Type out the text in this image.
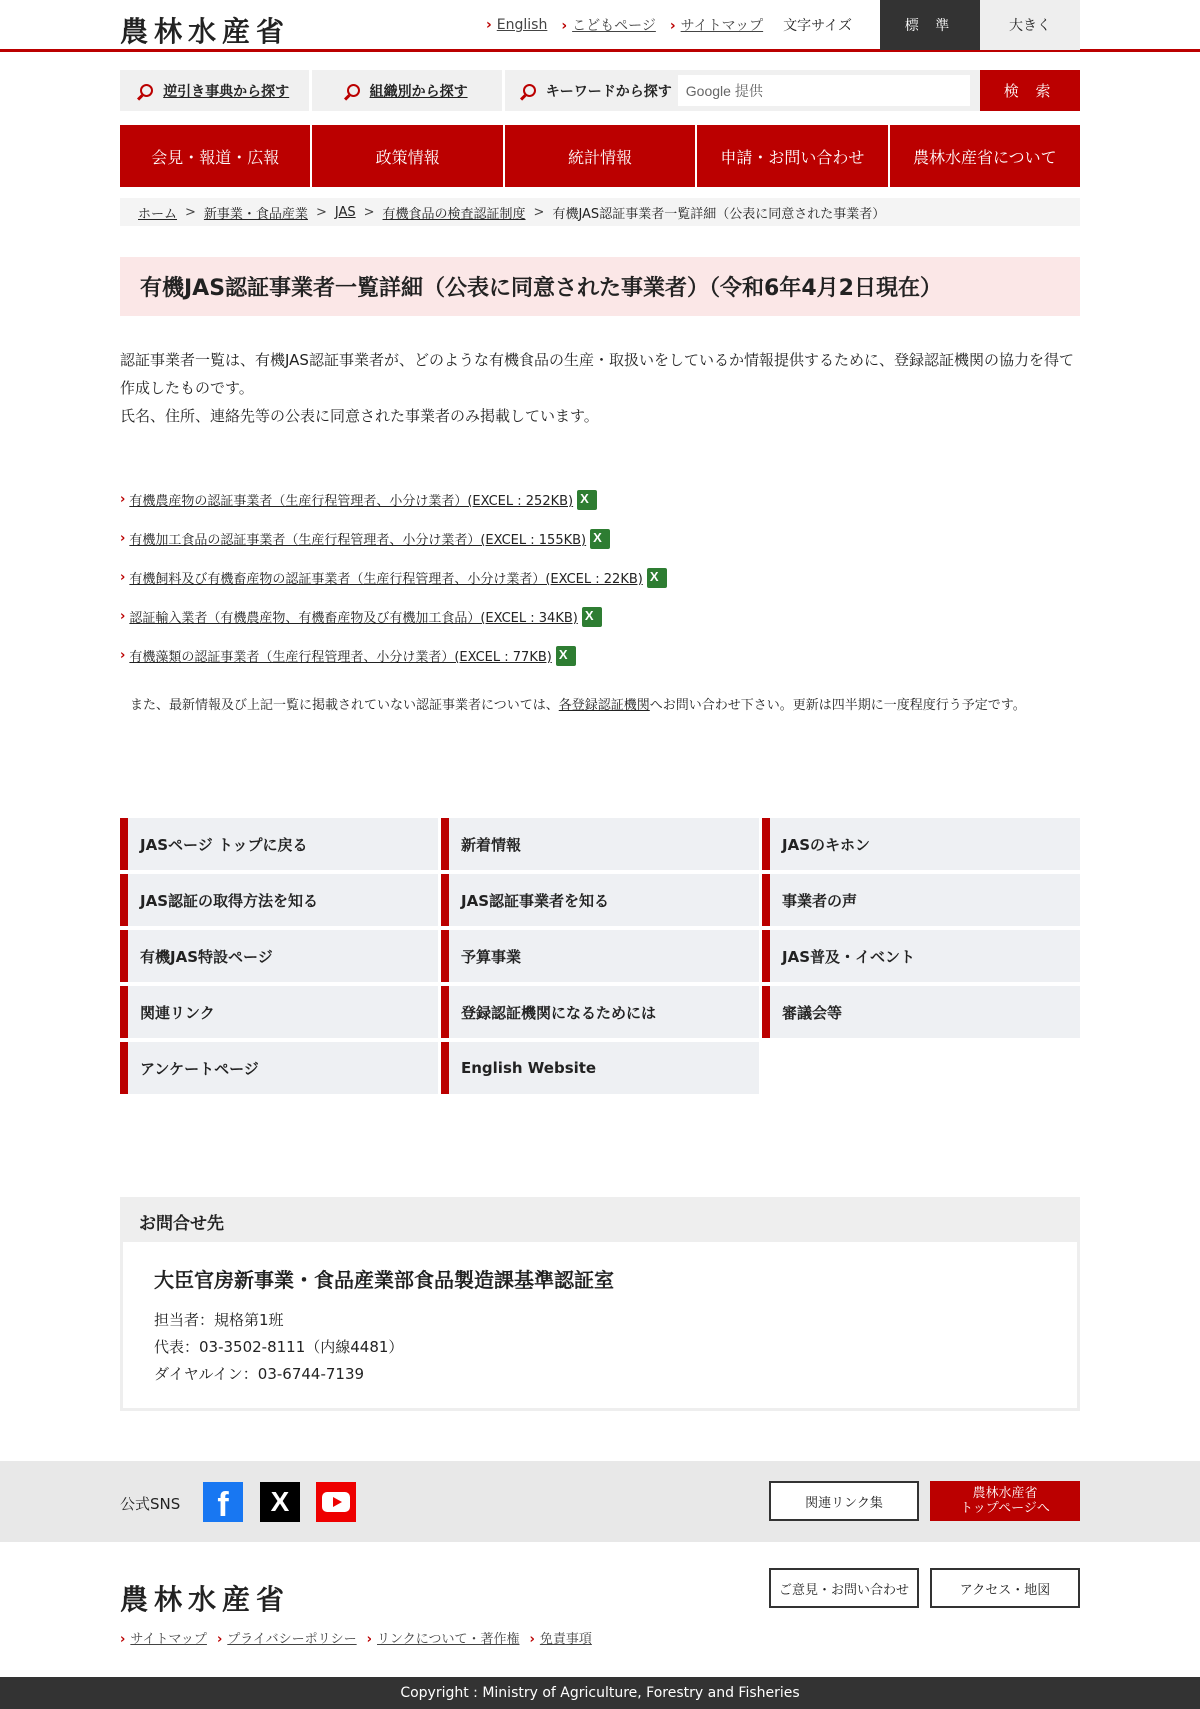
農林水産省	› English	› こどもページ	› サイトマップ 文字サイズ	標 準	大きく
逆引き事典から探す	組織別から探す	キーワードから探す
Google 提供	検 索
会見・報道・広報	政策情報	統計情報	申請・お問い合わせ	農林水産省について
ホーム > 新事業・食品産業 > JAS > 有機食品の検査認証制度 > 有機JAS認証事業者一覧詳細（公表に同意された事業者）
有機JAS認証事業者一覧詳細（公表に同意された事業者）（令和6年4月2日現在）

認証事業者一覧は、有機JAS認証事業者が、どのような有機食品の生産・取扱いをしているか情報提供するために、登録認証機関の協力を得て作成したものです。

氏名、住所、連絡先等の公表に同意された事業者のみ掲載しています。

› 有機農産物の認証事業者（生産行程管理者、小分け業者）(EXCEL : 252KB)
X
› 有機加工食品の認証事業者（生産行程管理者、小分け業者）(EXCEL : 155KB)
X
› 有機飼料及び有機畜産物の認証事業者（生産行程管理者、小分け業者）(EXCEL : 22KB)
X
› 認証輸入業者（有機農産物、有機畜産物及び有機加工食品）(EXCEL : 34KB)
X
› 有機藻類の認証事業者（生産行程管理者、小分け業者）(EXCEL : 77KB)
X

また、最新情報及び上記一覧に掲載されていない認証事業者については、各登録認証機関へお問い合わせ下さい。更新は四半期に一度程度行う予定です。

JASページ トップに戻る	新着情報	JASのキホン
JAS認証の取得方法を知る	JAS認証事業者を知る	事業者の声
有機JAS特設ページ	予算事業	JAS普及・イベント
関連リンク	登録認証機関になるためには	審議会等
アンケートページ	English Website
お問合せ先
大臣官房新事業・食品産業部食品製造課基準認証室
担当者：規格第1班
代表：03-3502-8111（内線4481）
ダイヤルイン：03-6744-7139
公式SNS	f	X	関連リンク集
農林水産省
トップページへ
農林水産省	ご意見・お問い合わせ	アクセス・地図
› サイトマップ	› プライバシーポリシー	› リンクについて・著作権	› 免責事項
Copyright : Ministry of Agriculture, Forestry and Fisheries
